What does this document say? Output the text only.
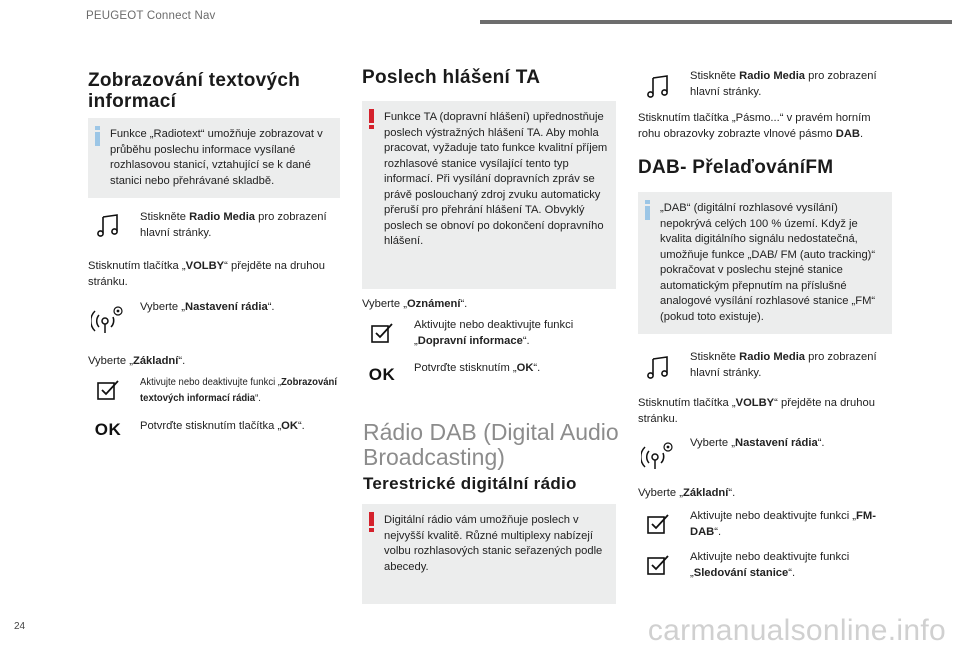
PEUGEOT Connect Nav
24	carmanualsonline.info
Zobrazování textových informací
Funkce „Radiotext“ umožňuje zobrazovat v průběhu poslechu informace vysílané rozhlasovou stanicí, vztahující se k dané stanici nebo přehrávané skladbě.
Stiskněte Radio Media pro zobrazení hlavní stránky.
Stisknutím tlačítka „VOLBY“ přejděte na druhou stránku.
Vyberte „Nastavení rádia“.
Vyberte „Základní“.
Aktivujte nebo deaktivujte funkci „Zobrazování textových informací rádia“.
OK Potvrďte stisknutím tlačítka „OK“.
Poslech hlášení TA
Funkce TA (dopravní hlášení) upřednostňuje poslech výstražných hlášení TA. Aby mohla pracovat, vyžaduje tato funkce kvalitní příjem rozhlasové stanice vysílající tento typ informací. Při vysílání dopravních zpráv se právě poslouchaný zdroj zvuku automaticky přeruší pro přehrání hlášení TA. Obvyklý poslech se obnoví po dokončení dopravního hlášení.
Vyberte „Oznámení“.
Aktivujte nebo deaktivujte funkci „Dopravní informace“.
OK Potvrďte stisknutím „OK“.
Rádio DAB (Digital Audio Broadcasting)
Terestrické digitální rádio
Digitální rádio vám umožňuje poslech v nejvyšší kvalitě. Různé multiplexy nabízejí volbu rozhlasových stanic seřazených podle abecedy.
Stiskněte Radio Media pro zobrazení hlavní stránky.
Stisknutím tlačítka „Pásmo...“ v pravém horním rohu obrazovky zobrazte vlnové pásmo DAB.
DAB- PřelaďováníFM
„DAB“ (digitální rozhlasové vysílání) nepokrývá celých 100 % území. Když je kvalita digitálního signálu nedostatečná, umožňuje funkce „DAB/ FM (auto tracking)“ pokračovat v poslechu stejné stanice automatickým přepnutím na příslušné analogové vysílání rozhlasové stanice „FM“ (pokud toto existuje).
Stiskněte Radio Media pro zobrazení hlavní stránky.
Stisknutím tlačítka „VOLBY“ přejděte na druhou stránku.
Vyberte „Nastavení rádia“.
Vyberte „Základní“.
Aktivujte nebo deaktivujte funkci „FM-DAB“.
Aktivujte nebo deaktivujte funkci „Sledování stanice“.
